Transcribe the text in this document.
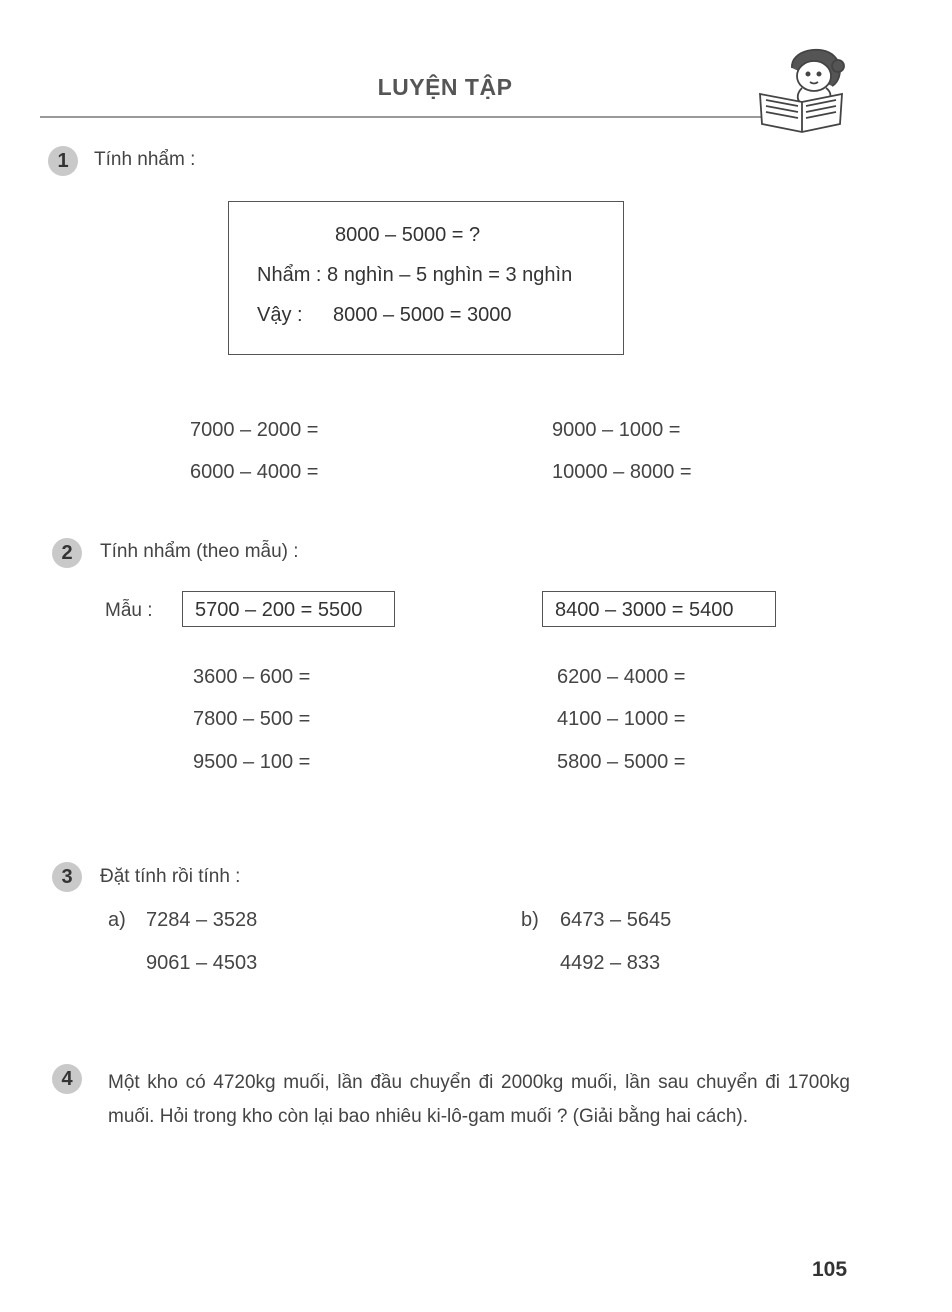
LUYỆN TẬP
1	Tính nhẩm :
8000 – 5000 = ?
Nhẩm : 8 nghìn – 5 nghìn = 3 nghìn
Vậy : 8000 – 5000 = 3000
7000 – 2000 =
6000 – 4000 =
9000 – 1000 =
10000 – 8000 =
2	Tính nhẩm (theo mẫu) :
Mẫu :	5700 – 200 = 5500	8400 – 3000 = 5400
3600 – 600 =
7800 – 500 =
9500 – 100 =
6200 – 4000 =
4100 – 1000 =
5800 – 5000 =
3	Đặt tính rồi tính :
a) 7284 – 3528
9061 – 4503
b) 6473 – 5645
4492 – 833
4	Một kho có 4720kg muối, lần đầu chuyển đi 2000kg muối, lần sau chuyển đi 1700kg muối. Hỏi trong kho còn lại bao nhiêu ki-lô-gam muối ? (Giải bằng hai cách).
105
